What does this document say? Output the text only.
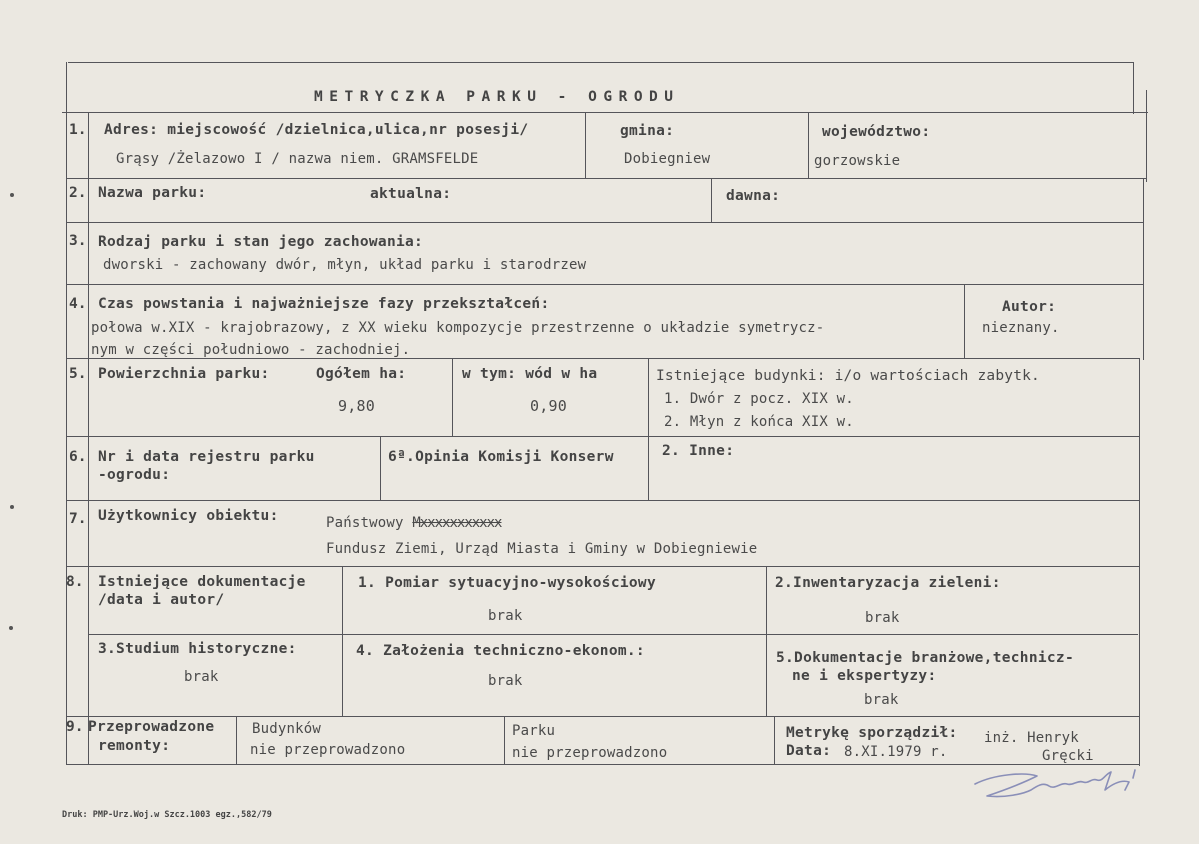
METRYCZKA PARKU - OGRODU
1. Adres: miejscowość /dzielnica,ulica,nr posesji/
Grąsy /Żelazowo I / nazwa niem. GRAMSFELDE
gmina:
Dobiegniew
województwo:
gorzowskie
2. Nazwa parku:	aktualna:	dawna:
3. Rodzaj parku i stan jego zachowania:
dworski - zachowany dwór, młyn, układ parku i starodrzew
4. Czas powstania i najważniejsze fazy przekształceń:
połowa w.XIX - krajobrazowy, z XX wieku kompozycje przestrzenne o układzie symetrycz-
nym w części południowo - zachodniej.
Autor:
nieznany.
5. Powierzchnia parku:	Ogółem ha:
9,80
w tym: wód w ha
0,90
Istniejące budynki: i/o wartościach zabytk.
1. Dwór z pocz. XIX w.
2. Młyn z końca XIX w.
6. Nr i data rejestru parku
-ogrodu:
6ª.Opinia Komisji Konserw	2. Inne:
7. Użytkownicy obiektu:	Państwowy Mxxxxxxxxxxx
Fundusz Ziemi, Urząd Miasta i Gminy w Dobiegniewie
8. Istniejące dokumentacje
/data i autor/
1. Pomiar sytuacyjno-wysokościowy
brak
2.Inwentaryzacja zieleni:
brak
3.Studium historyczne:
brak
4. Założenia techniczno-ekonom.:
brak
5.Dokumentacje branżowe,technicz-
ne i ekspertyzy:
brak
9. Przeprowadzone
remonty:
Budynków
nie przeprowadzono
Parku
nie przeprowadzono
Metrykę sporządził:
Data: 8.XI.1979 r.
inż. Henryk
Gręcki
Druk: PMP-Urz.Woj.w Szcz.1003 egz.,582/79
